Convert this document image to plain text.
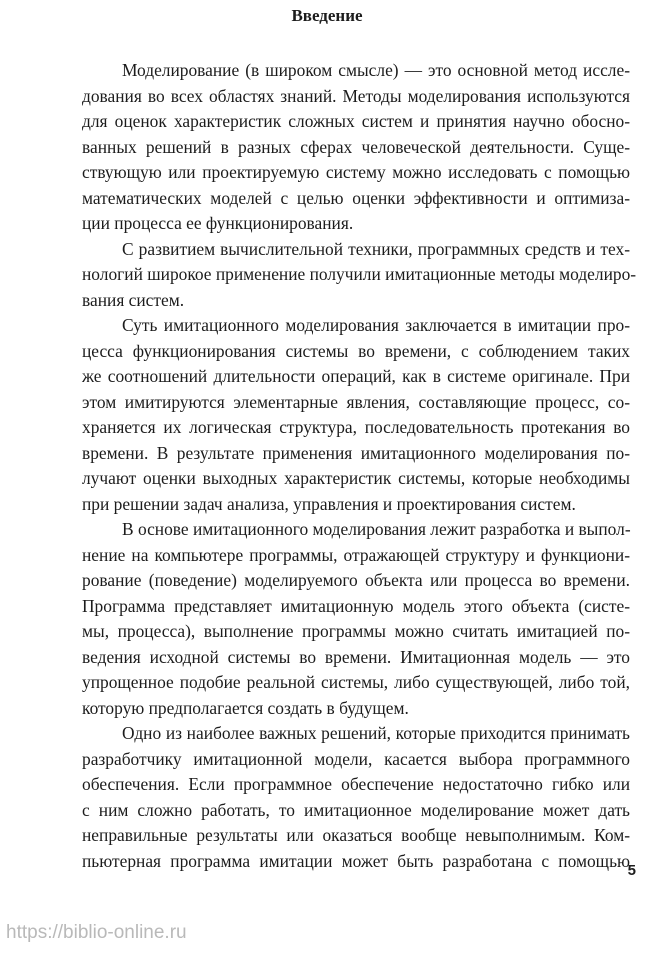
Введение
Моделирование (в широком смысле) — это основной метод иссле-
дования во всех областях знаний. Методы моделирования используются
для оценок характеристик сложных систем и принятия научно обосно-
ванных решений в разных сферах человеческой деятельности. Суще-
ствующую или проектируемую систему можно исследовать с помощью
математических моделей с целью оценки эффективности и оптимиза-
ции процесса ее функционирования.
С развитием вычислительной техники, программных средств и тех-
нологий широкое применение получили имитационные методы моделиро-
вания систем.
Суть имитационного моделирования заключается в имитации про-
цесса функционирования системы во времени, с соблюдением таких
же соотношений длительности операций, как в системе оригинале. При
этом имитируются элементарные явления, составляющие процесс, со-
храняется их логическая структура, последовательность протекания во
времени. В результате применения имитационного моделирования по-
лучают оценки выходных характеристик системы, которые необходимы
при решении задач анализа, управления и проектирования систем.
В основе имитационного моделирования лежит разработка и выпол-
нение на компьютере программы, отражающей структуру и функциони-
рование (поведение) моделируемого объекта или процесса во времени.
Программа представляет имитационную модель этого объекта (систе-
мы, процесса), выполнение программы можно считать имитацией по-
ведения исходной системы во времени. Имитационная модель — это
упрощенное подобие реальной системы, либо существующей, либо той,
которую предполагается создать в будущем.
Одно из наиболее важных решений, которые приходится принимать
разработчику имитационной модели, касается выбора программного
обеспечения. Если программное обеспечение недостаточно гибко или
с ним сложно работать, то имитационное моделирование может дать
неправильные результаты или оказаться вообще невыполнимым. Ком-
пьютерная программа имитации может быть разработана с помощью
5
https://biblio-online.ru
